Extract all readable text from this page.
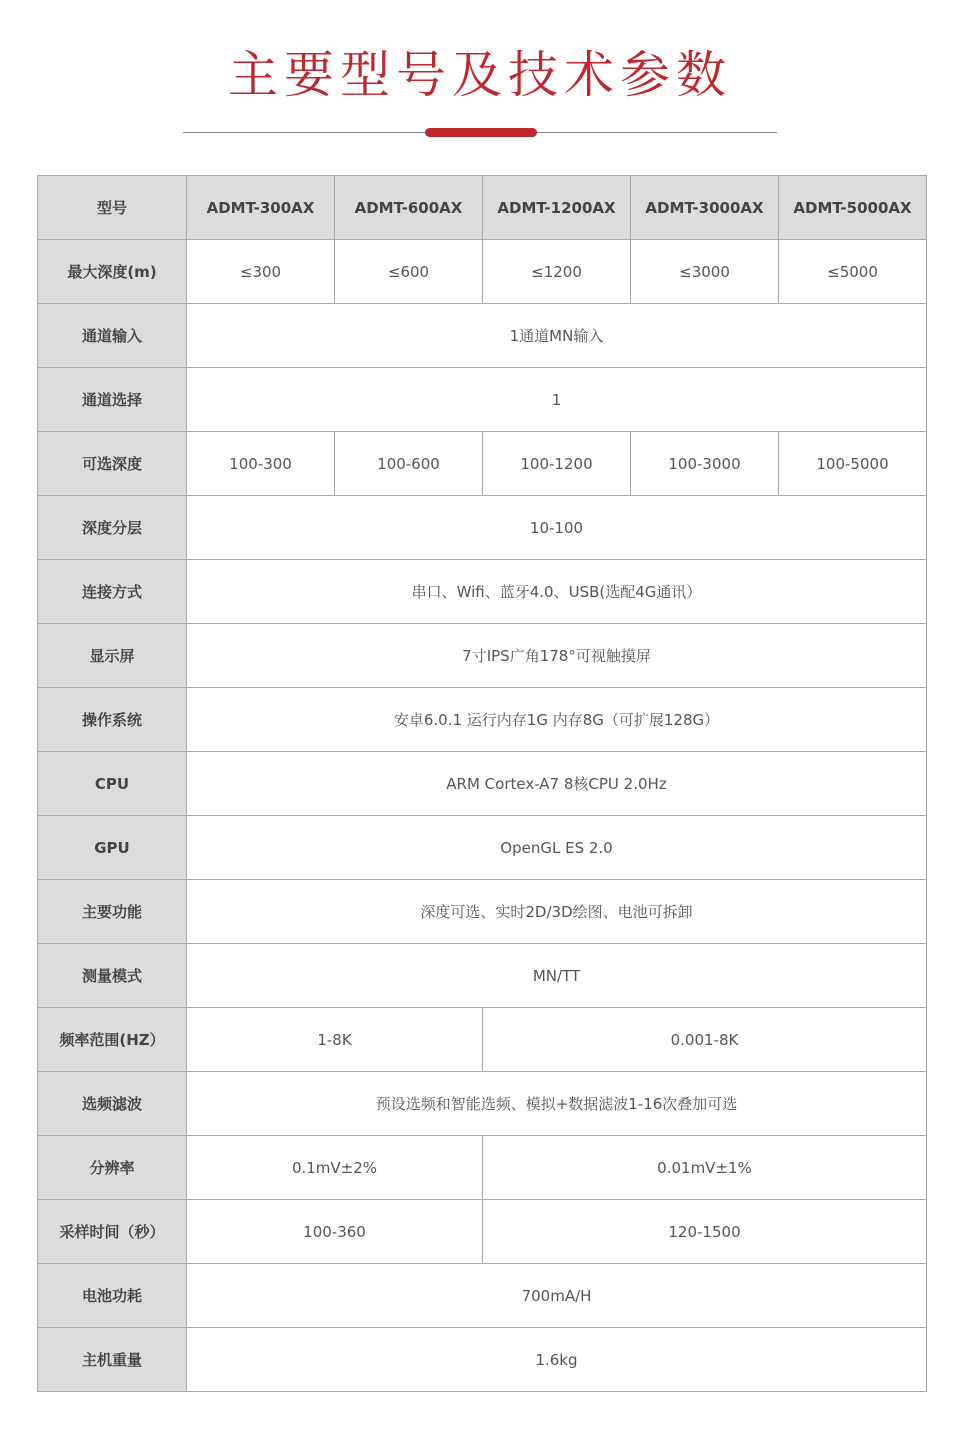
主要型号及技术参数
型号	ADMT-300AX	ADMT-600AX	ADMT-1200AX	ADMT-3000AX	ADMT-5000AX
最大深度(m)	≤300	≤600	≤1200	≤3000	≤5000
通道输入	1通道MN输入				
通道选择	1				
可选深度	100-300	100-600	100-1200	100-3000	100-5000
深度分层	10-100				
连接方式	串口、Wifi、蓝牙4.0、USB(选配4G通讯）				
显示屏	7寸IPS广角178°可视触摸屏				
操作系统	安卓6.0.1 运行内存1G 内存8G（可扩展128G）				
CPU	ARM Cortex-A7 8核CPU 2.0Hz				
GPU	OpenGL ES 2.0				
主要功能	深度可选、实时2D/3D绘图、电池可拆卸				
测量模式	MN/TT				
频率范围(HZ）	1-8K		0.001-8K		
选频滤波	预设选频和智能选频、模拟+数据滤波1-16次叠加可选				
分辨率	0.1mV±2%		0.01mV±1%		
采样时间（秒）	100-360		120-1500		
电池功耗	700mA/H				
主机重量	1.6kg				
